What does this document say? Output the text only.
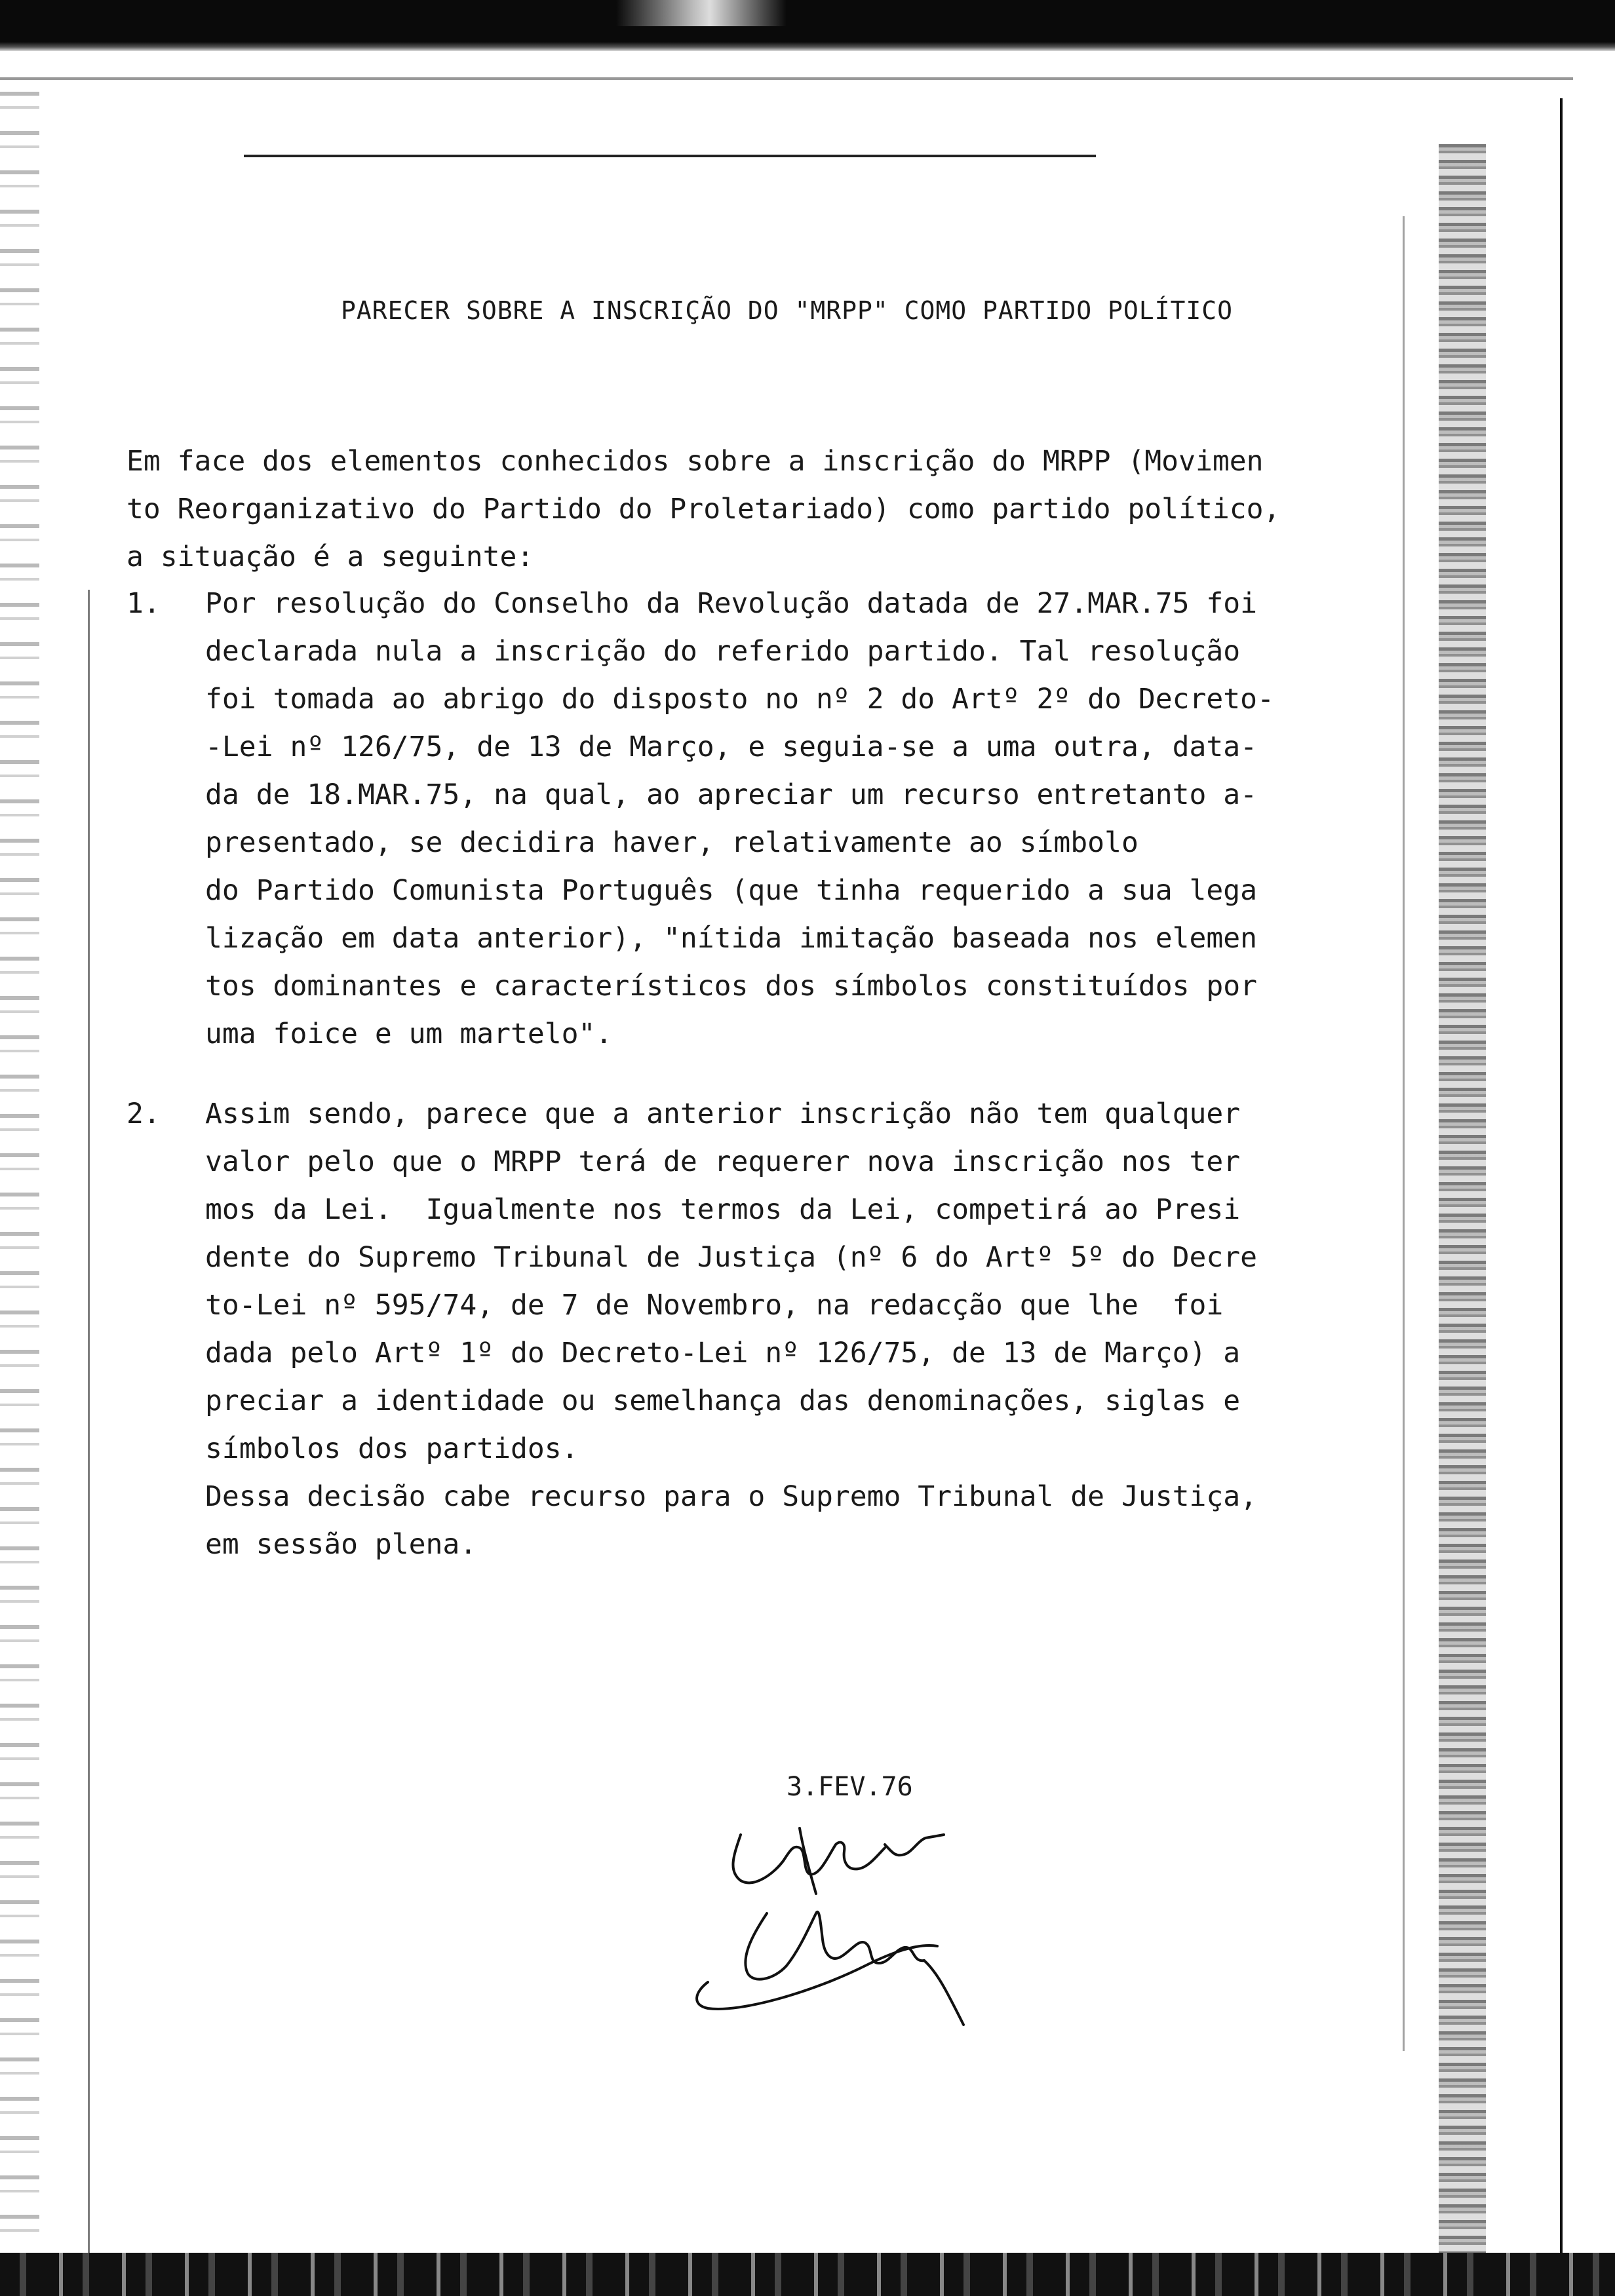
PARECER SOBRE A INSCRIÇÃO DO "MRPP" COMO PARTIDO POLÍTICO

Em face dos elementos conhecidos sobre a inscrição do MRPP (Movimen
to Reorganizativo do Partido do Proletariado) como partido político,
a situação é a seguinte:

1. Por resolução do Conselho da Revolução datada de 27.MAR.75 foi
declarada nula a inscrição do referido partido. Tal resolução
foi tomada ao abrigo do disposto no nº 2 do Artº 2º do Decreto-
-Lei nº 126/75, de 13 de Março, e seguia-se a uma outra, data-
da de 18.MAR.75, na qual, ao apreciar um recurso entretanto a-
presentado, se decidira haver, relativamente ao símbolo
do Partido Comunista Português (que tinha requerido a sua lega
lização em data anterior), "nítida imitação baseada nos elemen
tos dominantes e característicos dos símbolos constituídos por
uma foice e um martelo".

2. Assim sendo, parece que a anterior inscrição não tem qualquer
valor pelo que o MRPP terá de requerer nova inscrição nos ter
mos da Lei.  Igualmente nos termos da Lei, competirá ao Presi
dente do Supremo Tribunal de Justiça (nº 6 do Artº 5º do Decre
to-Lei nº 595/74, de 7 de Novembro, na redacção que lhe  foi
dada pelo Artº 1º do Decreto-Lei nº 126/75, de 13 de Março) a
preciar a identidade ou semelhança das denominações, siglas e
símbolos dos partidos.
Dessa decisão cabe recurso para o Supremo Tribunal de Justiça,
em sessão plena.

3.FEV.76
